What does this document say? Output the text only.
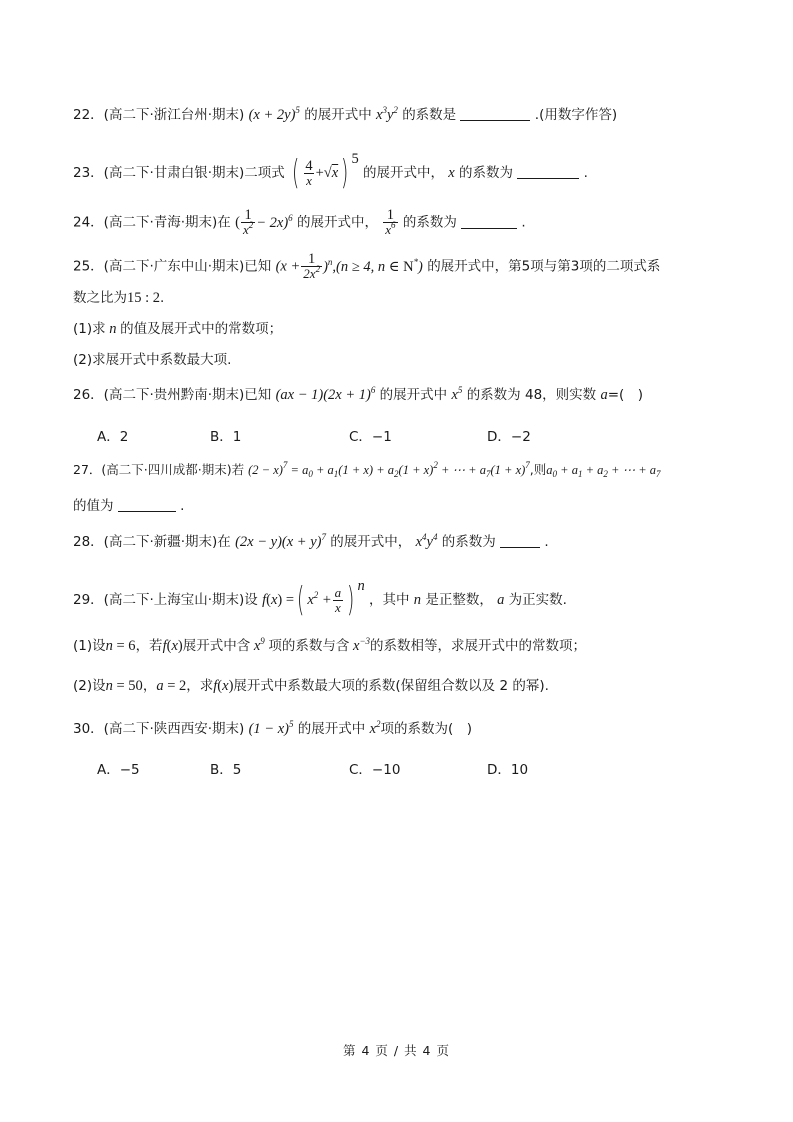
22．(高二下·浙江台州·期末) $(x + 2y)^5$ 的展开式中 $x^3y^2$ 的系数是	.(用数字作答)
23．(高二下·甘肃白银·期末)二项式 ( $\frac{4}{x} +√x$) $^5$ 的展开式中， x 的系数为	.
24．(高二下·青海·期末)在 ( $\frac{1}{x^2} - 2x)^6$ 的展开式中， $\frac{1}{x^6}$ 的系数为	.
25．(高二下·广东中山·期末)已知 $(x + \frac{1}{2x^2} )^n,(n \ge 4$, n ∈ N*) 的展开式中，第5项与第3项的二项式系
数之比为15 : 2.
(1)求 n 的值及展开式中的常数项；
(2)求展开式中系数最大项.
26．(高二下·贵州黔南·期末)已知 $(ax - 1)(2x + 1)^6$ 的展开式中 $x^5$ 的系数为 48，则实数 a=(　)
A．2	B．1	C．−1	D．−2
27．(高二下·四川成都·期末)若 $(2 - x)^7 = a_0 + a_1(1 + x) + a_2(1 + x)^2$ + ⋯ + $a_7(1 + x)^7$,则$a_0 + a_1 + a_2$ + ⋯ + $a_7$
的值为	.
28．(高二下·新疆·期末)在 $(2x - y)(x + y)^7$ 的展开式中， $x^4y^4$ 的系数为	.
29．(高二下·上海宝山·期末)设 f(x) =( $x^2 + \frac{a}{x}$ ) $^n$ ，其中 n 是正整数， a 为正实数.
(1)设n = 6，若f(x)展开式中含 $x^9$ 项的系数与含 $x^{-3}$的系数相等，求展开式中的常数项；
(2)设n = 50，a = 2，求f(x)展开式中系数最大项的系数(保留组合数以及 2 的幂).
30．(高二下·陕西西安·期末) $(1 - x)^5$ 的展开式中 $x^2$项的系数为(　)
A．−5	B．5	C．−10	D．10
第 4 页 / 共 4 页
